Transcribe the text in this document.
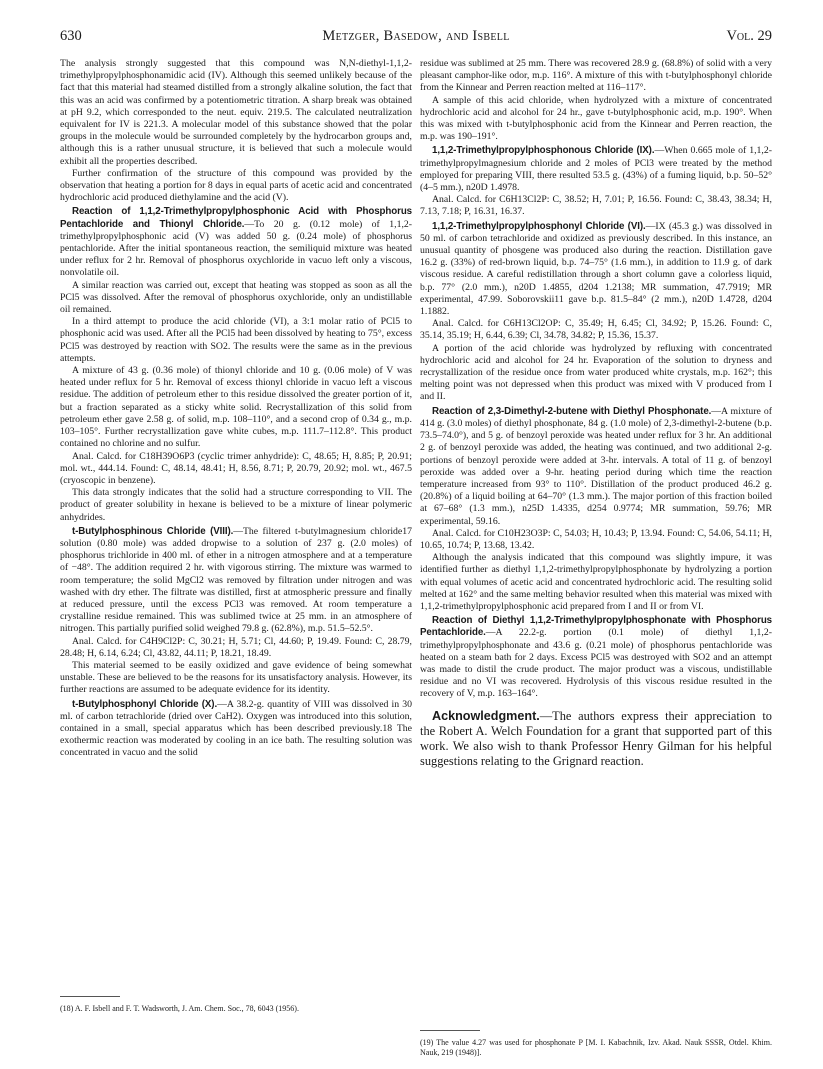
630	Metzger, Basedow, and Isbell	Vol. 29

The analysis strongly suggested that this compound was N,N-diethyl-1,1,2-trimethylpropylphosphonamidic acid (IV). Although this seemed unlikely because of the fact that this material had steamed distilled from a strongly alkaline solution, the fact that this was an acid was confirmed by a potentiometric titration. A sharp break was obtained at pH 9.2, which corresponded to the neut. equiv. 219.5. The calculated neutralization equivalent for IV is 221.3. A molecular model of this substance showed that the polar groups in the molecule would be surrounded completely by the hydrocarbon groups and, although this is a rather unusual structure, it is believed that such a molecule would exhibit all the properties described.

Further confirmation of the structure of this compound was provided by the observation that heating a portion for 8 days in equal parts of acetic acid and concentrated hydrochloric acid produced diethylamine and the acid (V).

Reaction of 1,1,2-Trimethylpropylphosphonic Acid with Phosphorus Pentachloride and Thionyl Chloride.—To 20 g. (0.12 mole) of 1,1,2-trimethylpropylphosphonic acid (V) was added 50 g. (0.24 mole) of phosphorus pentachloride. After the initial spontaneous reaction, the semiliquid mixture was heated under reflux for 2 hr. Removal of phosphorus oxychloride in vacuo left only a viscous, nonvolatile oil.

A similar reaction was carried out, except that heating was stopped as soon as all the PCl5 was dissolved. After the removal of phosphorus oxychloride, only an undistillable oil remained.

In a third attempt to produce the acid chloride (VI), a 3:1 molar ratio of PCl5 to phosphonic acid was used. After all the PCl5 had been dissolved by heating to 75°, excess PCl5 was destroyed by reaction with SO2. The results were the same as in the previous attempts.

A mixture of 43 g. (0.36 mole) of thionyl chloride and 10 g. (0.06 mole) of V was heated under reflux for 5 hr. Removal of excess thionyl chloride in vacuo left a viscous residue. The addition of petroleum ether to this residue dissolved the greater portion of it, but a fraction separated as a sticky white solid. Recrystallization of this solid from petroleum ether gave 2.58 g. of solid, m.p. 108–110°, and a second crop of 0.34 g., m.p. 103–105°. Further recrystallization gave white cubes, m.p. 111.7–112.8°. This product contained no chlorine and no sulfur.

Anal. Calcd. for C18H39O6P3 (cyclic trimer anhydride): C, 48.65; H, 8.85; P, 20.91; mol. wt., 444.14. Found: C, 48.14, 48.41; H, 8.56, 8.71; P, 20.79, 20.92; mol. wt., 467.5 (cryoscopic in benzene).

This data strongly indicates that the solid had a structure corresponding to VII. The product of greater solubility in hexane is believed to be a mixture of linear polymeric anhydrides.

t-Butylphosphinous Chloride (VIII).—The filtered t-butylmagnesium chloride17 solution (0.80 mole) was added dropwise to a solution of 237 g. (2.0 moles) of phosphorus trichloride in 400 ml. of ether in a nitrogen atmosphere and at a temperature of −48°. The addition required 2 hr. with vigorous stirring. The mixture was warmed to room temperature; the solid MgCl2 was removed by filtration under nitrogen and was washed with dry ether. The filtrate was distilled, first at atmospheric pressure and finally at reduced pressure, until the excess PCl3 was removed. At room temperature a crystalline residue remained. This was sublimed twice at 25 mm. in an atmosphere of nitrogen. This partially purified solid weighed 79.8 g. (62.8%), m.p. 51.5–52.5°.

Anal. Calcd. for C4H9Cl2P: C, 30.21; H, 5.71; Cl, 44.60; P, 19.49. Found: C, 28.79, 28.48; H, 6.14, 6.24; Cl, 43.82, 44.11; P, 18.21, 18.49.

This material seemed to be easily oxidized and gave evidence of being somewhat unstable. These are believed to be the reasons for its unsatisfactory analysis. However, its further reactions are assumed to be adequate evidence for its identity.

t-Butylphosphonyl Chloride (X).—A 38.2-g. quantity of VIII was dissolved in 30 ml. of carbon tetrachloride (dried over CaH2). Oxygen was introduced into this solution, contained in a small, special apparatus which has been described previously.18 The exothermic reaction was moderated by cooling in an ice bath. The resulting solution was concentrated in vacuo and the solid

residue was sublimed at 25 mm. There was recovered 28.9 g. (68.8%) of solid with a very pleasant camphor-like odor, m.p. 116°. A mixture of this with t-butylphosphonyl chloride from the Kinnear and Perren reaction melted at 116–117°.

A sample of this acid chloride, when hydrolyzed with a mixture of concentrated hydrochloric acid and alcohol for 24 hr., gave t-butylphosphonic acid, m.p. 190°. When this was mixed with t-butylphosphonic acid from the Kinnear and Perren reaction, the m.p. was 190–191°.

1,1,2-Trimethylpropylphosphonous Chloride (IX).—When 0.665 mole of 1,1,2-trimethylpropylmagnesium chloride and 2 moles of PCl3 were treated by the method employed for preparing VIII, there resulted 53.5 g. (43%) of a fuming liquid, b.p. 50–52° (4–5 mm.), n20D 1.4978.

Anal. Calcd. for C6H13Cl2P: C, 38.52; H, 7.01; P, 16.56. Found: C, 38.43, 38.34; H, 7.13, 7.18; P, 16.31, 16.37.

1,1,2-Trimethylpropylphosphonyl Chloride (VI).—IX (45.3 g.) was dissolved in 50 ml. of carbon tetrachloride and oxidized as previously described. In this instance, an unusual quantity of phosgene was produced also during the reaction. Distillation gave 16.2 g. (33%) of red-brown liquid, b.p. 74–75° (1.6 mm.), in addition to 11.9 g. of dark viscous residue. A careful redistillation through a short column gave a colorless liquid, b.p. 77° (2.0 mm.), n20D 1.4855, d204 1.2138; MR summation, 47.7919; MR experimental, 47.99. Soborovskii11 gave b.p. 81.5–84° (2 mm.), n20D 1.4728, d204 1.1882.

Anal. Calcd. for C6H13Cl2OP: C, 35.49; H, 6.45; Cl, 34.92; P, 15.26. Found: C, 35.14, 35.19; H, 6.44, 6.39; Cl, 34.78, 34.82; P, 15.36, 15.37.

A portion of the acid chloride was hydrolyzed by refluxing with concentrated hydrochloric acid and alcohol for 24 hr. Evaporation of the solution to dryness and recrystallization of the residue once from water produced white crystals, m.p. 162°; this melting point was not depressed when this product was mixed with V produced from I and II.

Reaction of 2,3-Dimethyl-2-butene with Diethyl Phosphonate.—A mixture of 414 g. (3.0 moles) of diethyl phosphonate, 84 g. (1.0 mole) of 2,3-dimethyl-2-butene (b.p. 73.5–74.0°), and 5 g. of benzoyl peroxide was heated under reflux for 3 hr. An additional 2 g. of benzoyl peroxide was added, the heating was continued, and two additional 2-g. portions of benzoyl peroxide were added at 3-hr. intervals. A total of 11 g. of benzoyl peroxide was added over a 9-hr. heating period during which time the reaction temperature increased from 93° to 110°. Distillation of the product produced 46.2 g. (20.8%) of a liquid boiling at 64–70° (1.3 mm.). The major portion of this fraction boiled at 67–68° (1.3 mm.), n25D 1.4335, d254 0.9774; MR summation, 59.76; MR experimental, 59.16.

Anal. Calcd. for C10H23O3P: C, 54.03; H, 10.43; P, 13.94. Found: C, 54.06, 54.11; H, 10.65, 10.74; P, 13.68, 13.42.

Although the analysis indicated that this compound was slightly impure, it was identified further as diethyl 1,1,2-trimethylpropylphosphonate by hydrolyzing a portion with equal volumes of acetic acid and concentrated hydrochloric acid. The resulting solid melted at 162° and the same melting behavior resulted when this material was mixed with 1,1,2-trimethylpropylphosphonic acid prepared from I and II or from VI.

Reaction of Diethyl 1,1,2-Trimethylpropylphosphonate with Phosphorus Pentachloride.—A 22.2-g. portion (0.1 mole) of diethyl 1,1,2-trimethylpropylphosphonate and 43.6 g. (0.21 mole) of phosphorus pentachloride was heated on a steam bath for 2 days. Excess PCl5 was destroyed with SO2 and an attempt was made to distil the crude product. The major product was a viscous, undistillable residue and no VI was recovered. Hydrolysis of this viscous residue resulted in the recovery of V, m.p. 163–164°.

Acknowledgment.—The authors express their appreciation to the Robert A. Welch Foundation for a grant that supported part of this work. We also wish to thank Professor Henry Gilman for his helpful suggestions relating to the Grignard reaction.

(18) A. F. Isbell and F. T. Wadsworth, J. Am. Chem. Soc., 78, 6043 (1956).
(19) The value 4.27 was used for phosphonate P [M. I. Kabachnik, Izv. Akad. Nauk SSSR, Otdel. Khim. Nauk, 219 (1948)].
